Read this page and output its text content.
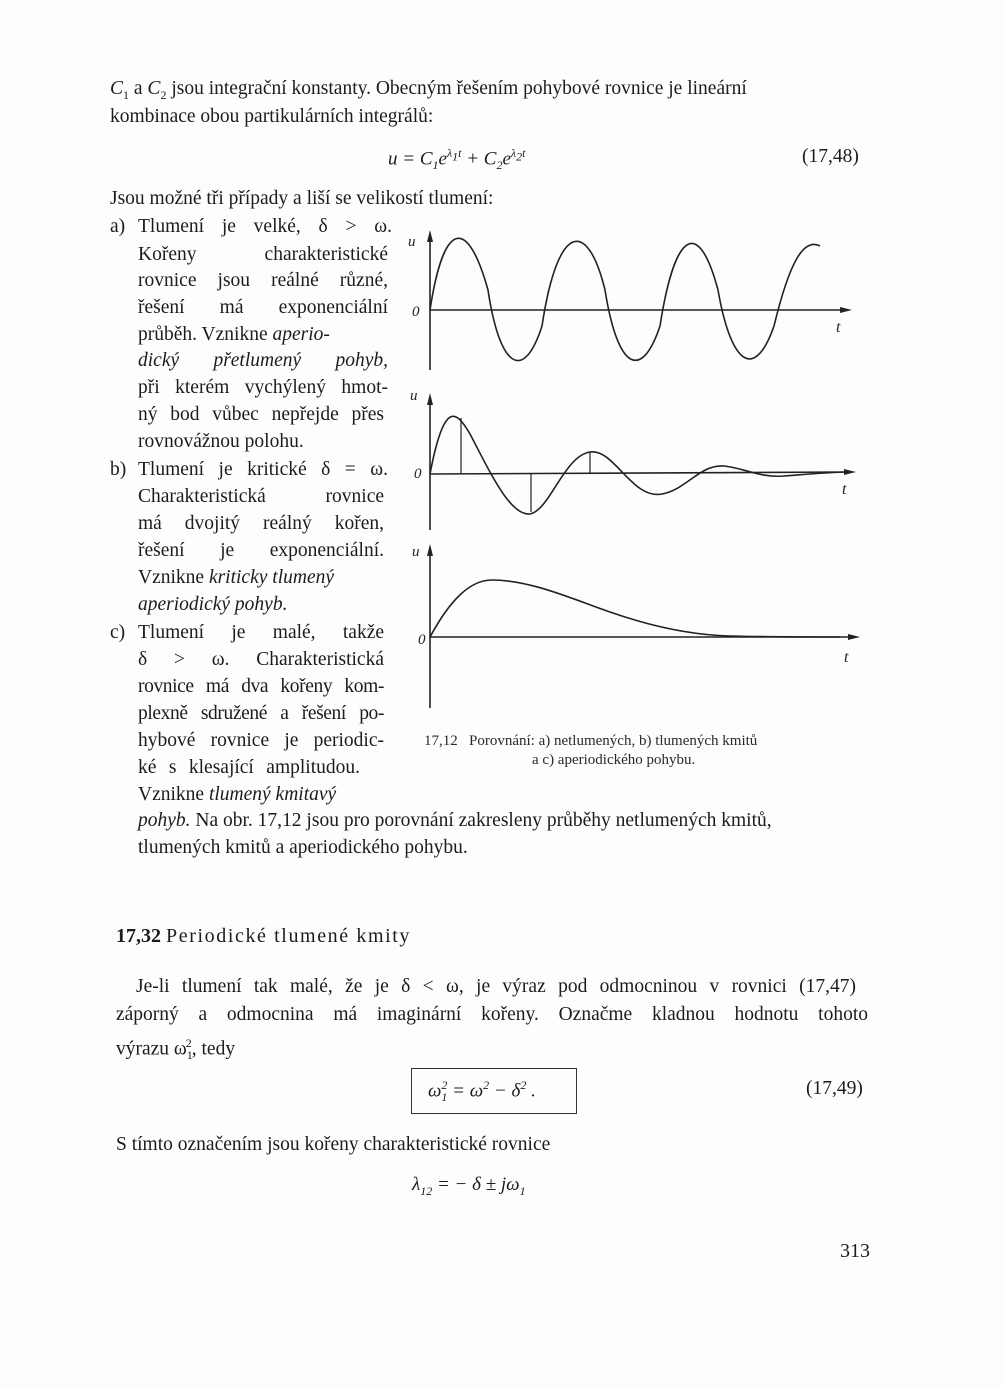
$C_1$ a $C_2$ jsou integrační konstanty. Obecným řešením pohybové rovnice je lineární
kombinace obou partikulárních integrálů:
$u = C_1e^{\lambda_1t} + C_2e^{\lambda_2t}$	(17,48)
Jsou možné tři případy a liší se velikostí tlumení:
a) Tlumení je velké, δ > ω.
Kořeny charakteristické
rovnice jsou reálné různé,
řešení má exponenciální
průběh. Vznikne aperio-
dický přetlumený pohyb,
při kterém vychýlený hmot-
ný bod vůbec nepřejde přes
rovnovážnou polohu.
b) Tlumení je kritické δ = ω.
Charakteristická rovnice
má dvojitý reálný kořen,
řešení je exponenciální.
Vznikne kriticky tlumený
aperiodický pohyb.
c) Tlumení je malé, takže
δ > ω. Charakteristická
rovnice má dva kořeny kom-
plexně sdružené a řešení po-
hybové rovnice je periodic-
ké s klesající amplitudou.
Vznikne tlumený kmitavý
pohyb. Na obr. 17,12 jsou pro porovnání zakresleny průběhy netlumených kmitů,
tlumených kmitů a aperiodického pohybu.
u
0
t
u
0
t
u
0
t
17,12 Porovnání: a) netlumených, b) tlumených kmitů
a c) aperiodického pohybu.
17,32 Periodické tlumené kmity
Je-li tlumení tak malé, že je δ < ω, je výraz pod odmocninou v rovnici (17,47)
záporný a odmocnina má imaginární kořeny. Označme kladnou hodnotu tohoto
výrazu $\omega_1^2$, tedy
$\omega_1^2 = \omega^2 - \delta^2$ .	(17,49)
S tímto označením jsou kořeny charakteristické rovnice
$\lambda_{12}$ = − $\delta \pm j\omega_1$
313
